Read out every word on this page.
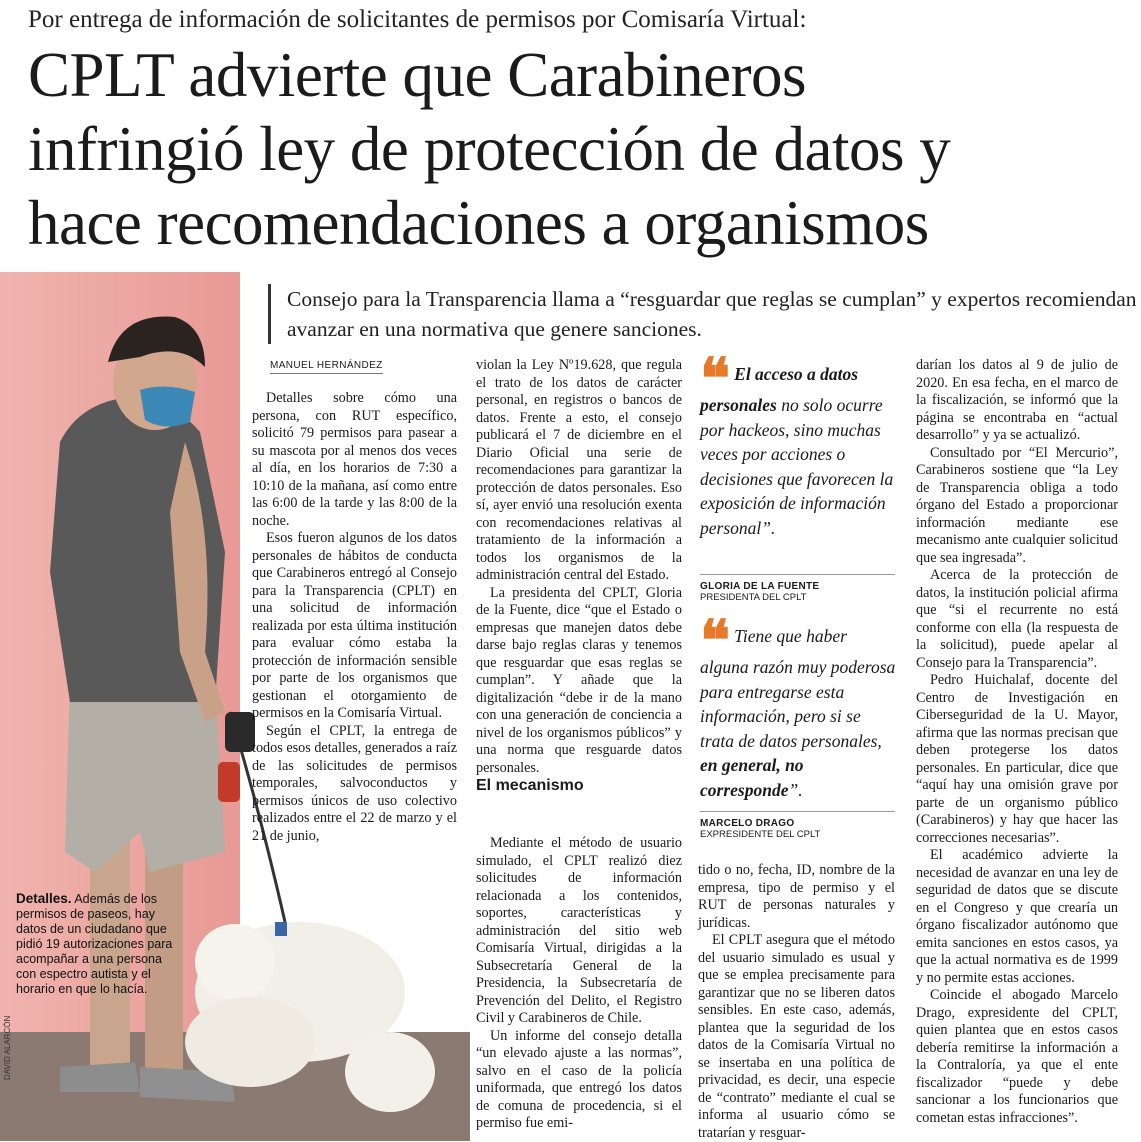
Por entrega de información de solicitantes de permisos por Comisaría Virtual:
CPLT advierte que Carabineros
infringió ley de protección de datos y
hace recomendaciones a organismos
Consejo para la Transparencia llama a “resguardar que reglas se cumplan” y expertos recomiendan avanzar en una normativa que genere sanciones.
MANUEL HERNÁNDEZ

Detalles sobre cómo una persona, con RUT específico, solicitó 79 permisos para pasear a su mascota por al menos dos veces al día, en los horarios de 7:30 a 10:10 de la mañana, así como entre las 6:00 de la tarde y las 8:00 de la noche.

Esos fueron algunos de los datos personales de hábitos de conducta que Carabineros entregó al Consejo para la Transparencia (CPLT) en una solicitud de información realizada por esta última institución para evaluar cómo estaba la protección de información sensible por parte de los organismos que gestionan el otorgamiento de permisos en la Comisaría Virtual.

Según el CPLT, la entrega de todos esos detalles, generados a raíz de las solicitudes de permisos temporales, salvoconductos y permisos únicos de uso colectivo realizados entre el 22 de marzo y el 21 de junio,

violan la Ley Nº19.628, que regula el trato de los datos de carácter personal, en registros o bancos de datos. Frente a esto, el consejo publicará el 7 de diciembre en el Diario Oficial una serie de recomendaciones para garantizar la protección de datos personales. Eso sí, ayer envió una resolución exenta con recomendaciones relativas al tratamiento de la información a todos los organismos de la administración central del Estado.

La presidenta del CPLT, Gloria de la Fuente, dice “que el Estado o empresas que manejen datos debe darse bajo reglas claras y tenemos que resguardar que esas reglas se cumplan”. Y añade que la digitalización “debe ir de la mano con una generación de conciencia a nivel de los organismos públicos” y una norma que resguarde datos personales.

El mecanismo

Mediante el método de usuario simulado, el CPLT realizó diez solicitudes de información relacionada a los contenidos, soportes, características y administración del sitio web Comisaría Virtual, dirigidas a la Subsecretaría General de la Presidencia, la Subsecretaría de Prevención del Delito, el Registro Civil y Carabineros de Chile.

Un informe del consejo detalla “un elevado ajuste a las normas”, salvo en el caso de la policía uniformada, que entregó los datos de comuna de procedencia, si el permiso fue emi-

❝ El acceso a datos personales no solo ocurre por hackeos, sino muchas veces por acciones o decisiones que favorecen la exposición de información personal”.
GLORIA DE LA FUENTE
PRESIDENTA DEL CPLT
❝ Tiene que haber alguna razón muy poderosa para entregarse esta información, pero si se trata de datos personales, en general, no corresponde”.
MARCELO DRAGO
EXPRESIDENTE DEL CPLT

tido o no, fecha, ID, nombre de la empresa, tipo de permiso y el RUT de personas naturales y jurídicas.

El CPLT asegura que el método del usuario simulado es usual y que se emplea precisamente para garantizar que no se liberen datos sensibles. En este caso, además, plantea que la seguridad de los datos de la Comisaría Virtual no se insertaba en una política de privacidad, es decir, una especie de “contrato” mediante el cual se informa al usuario cómo se tratarían y resguar-

darían los datos al 9 de julio de 2020. En esa fecha, en el marco de la fiscalización, se informó que la página se encontraba en “actual desarrollo” y ya se actualizó.

Consultado por “El Mercurio”, Carabineros sostiene que “la Ley de Transparencia obliga a todo órgano del Estado a proporcionar información mediante ese mecanismo ante cualquier solicitud que sea ingresada”.

Acerca de la protección de datos, la institución policial afirma que “si el recurrente no está conforme con ella (la respuesta de la solicitud), puede apelar al Consejo para la Transparencia”.

Pedro Huichalaf, docente del Centro de Investigación en Ciberseguridad de la U. Mayor, afirma que las normas precisan que deben protegerse los datos personales. En particular, dice que “aquí hay una omisión grave por parte de un organismo público (Carabineros) y hay que hacer las correcciones necesarias”.

El académico advierte la necesidad de avanzar en una ley de seguridad de datos que se discute en el Congreso y que crearía un órgano fiscalizador autónomo que emita sanciones en estos casos, ya que la actual normativa es de 1999 y no permite estas acciones.

Coincide el abogado Marcelo Drago, expresidente del CPLT, quien plantea que en estos casos debería remitirse la información a la Contraloría, ya que el ente fiscalizador “puede y debe sancionar a los funcionarios que cometan estas infracciones”.

Detalles. Además de los permisos de paseos, hay datos de un ciudadano que pidió 19 autorizaciones para acompañar a una persona con espectro autista y el horario en que lo hacía.
DAVID ALARCÓN
